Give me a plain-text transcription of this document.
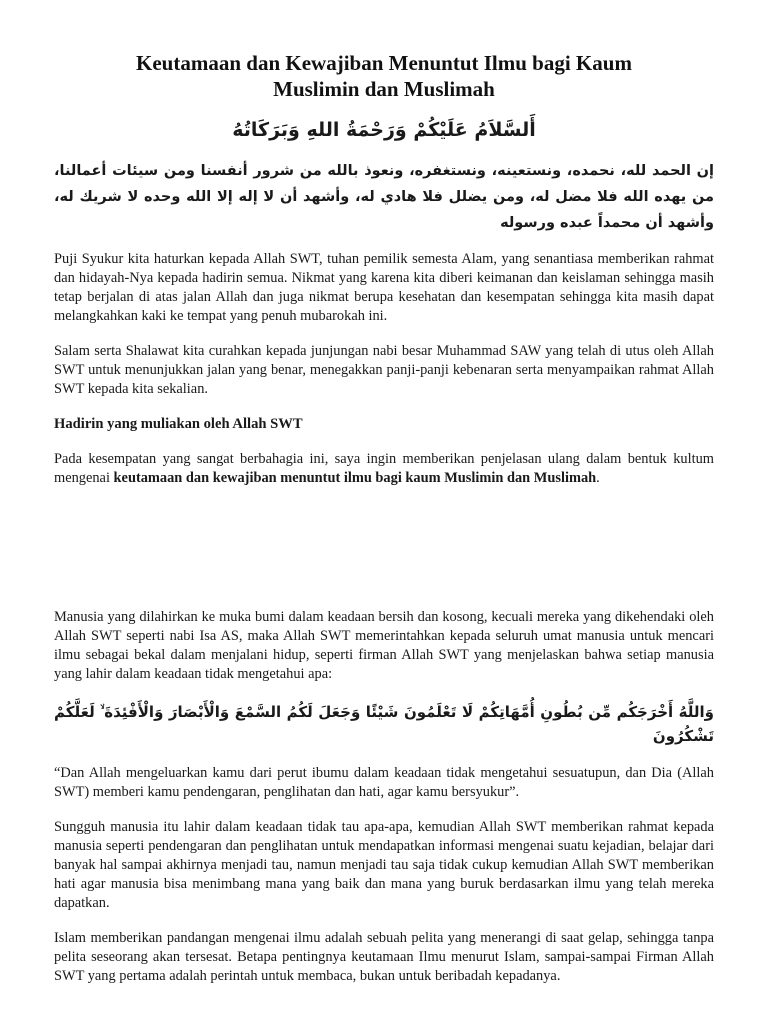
Keutamaan dan Kewajiban Menuntut Ilmu bagi Kaum
Muslimin dan Muslimah
أَلسَّلاَمُ عَلَيْكُمْ وَرَحْمَةُ اللهِ وَبَرَكَاتُهُ
إن الحمد لله، نحمده، ونستعينه، ونستغفره، ونعوذ بالله من شرور أنفسنا ومن سيئات أعمالنا، من يهده الله فلا مضل له، ومن يضلل فلا هادي له، وأشهد أن لا إله إلا الله وحده لا شريك له، وأشهد أن محمداً عبده ورسوله

Puji Syukur kita haturkan kepada Allah SWT, tuhan pemilik semesta Alam, yang senantiasa memberikan rahmat dan hidayah-Nya kepada hadirin semua. Nikmat yang karena kita diberi keimanan dan keislaman sehingga masih tetap berjalan di atas jalan Allah dan juga nikmat berupa kesehatan dan kesempatan sehingga kita masih dapat melangkahkan kaki ke tempat yang penuh mubarokah ini.

Salam serta Shalawat kita curahkan kepada junjungan nabi besar Muhammad SAW yang telah di utus oleh Allah SWT untuk menunjukkan jalan yang benar, menegakkan panji-panji kebenaran serta menyampaikan rahmat Allah SWT kepada kita sekalian.

Hadirin yang muliakan oleh Allah SWT

Pada kesempatan yang sangat berbahagia ini, saya ingin memberikan penjelasan ulang dalam bentuk kultum mengenai keutamaan dan kewajiban menuntut ilmu bagi kaum Muslimin dan Muslimah.

Manusia yang dilahirkan ke muka bumi dalam keadaan bersih dan kosong, kecuali mereka yang dikehendaki oleh Allah SWT seperti nabi Isa AS, maka Allah SWT memerintahkan kepada seluruh umat manusia untuk mencari ilmu sebagai bekal dalam menjalani hidup, seperti firman Allah SWT yang menjelaskan bahwa setiap manusia yang lahir dalam keadaan tidak mengetahui apa:

وَاللَّهُ أَخْرَجَكُم مِّن بُطُونِ أُمَّهَاتِكُمْ لَا تَعْلَمُونَ شَيْئًا وَجَعَلَ لَكُمُ السَّمْعَ وَالْأَبْصَارَ وَالْأَفْئِدَةَ ۙ لَعَلَّكُمْ تَشْكُرُونَ

“Dan Allah mengeluarkan kamu dari perut ibumu dalam keadaan tidak mengetahui sesuatupun, dan Dia (Allah SWT) memberi kamu pendengaran, penglihatan dan hati, agar kamu bersyukur”.

Sungguh manusia itu lahir dalam keadaan tidak tau apa-apa, kemudian Allah SWT memberikan rahmat kepada manusia seperti pendengaran dan penglihatan untuk mendapatkan informasi mengenai suatu kejadian, belajar dari banyak hal sampai akhirnya menjadi tau, namun menjadi tau saja tidak cukup kemudian Allah SWT memberikan hati agar manusia bisa menimbang mana yang baik dan mana yang buruk berdasarkan ilmu yang telah mereka dapatkan.

Islam memberikan pandangan mengenai ilmu adalah sebuah pelita yang menerangi di saat gelap, sehingga tanpa pelita seseorang akan tersesat. Betapa pentingnya keutamaan Ilmu menurut Islam, sampai-sampai Firman Allah SWT yang pertama adalah perintah untuk membaca, bukan untuk beribadah kepadanya.
